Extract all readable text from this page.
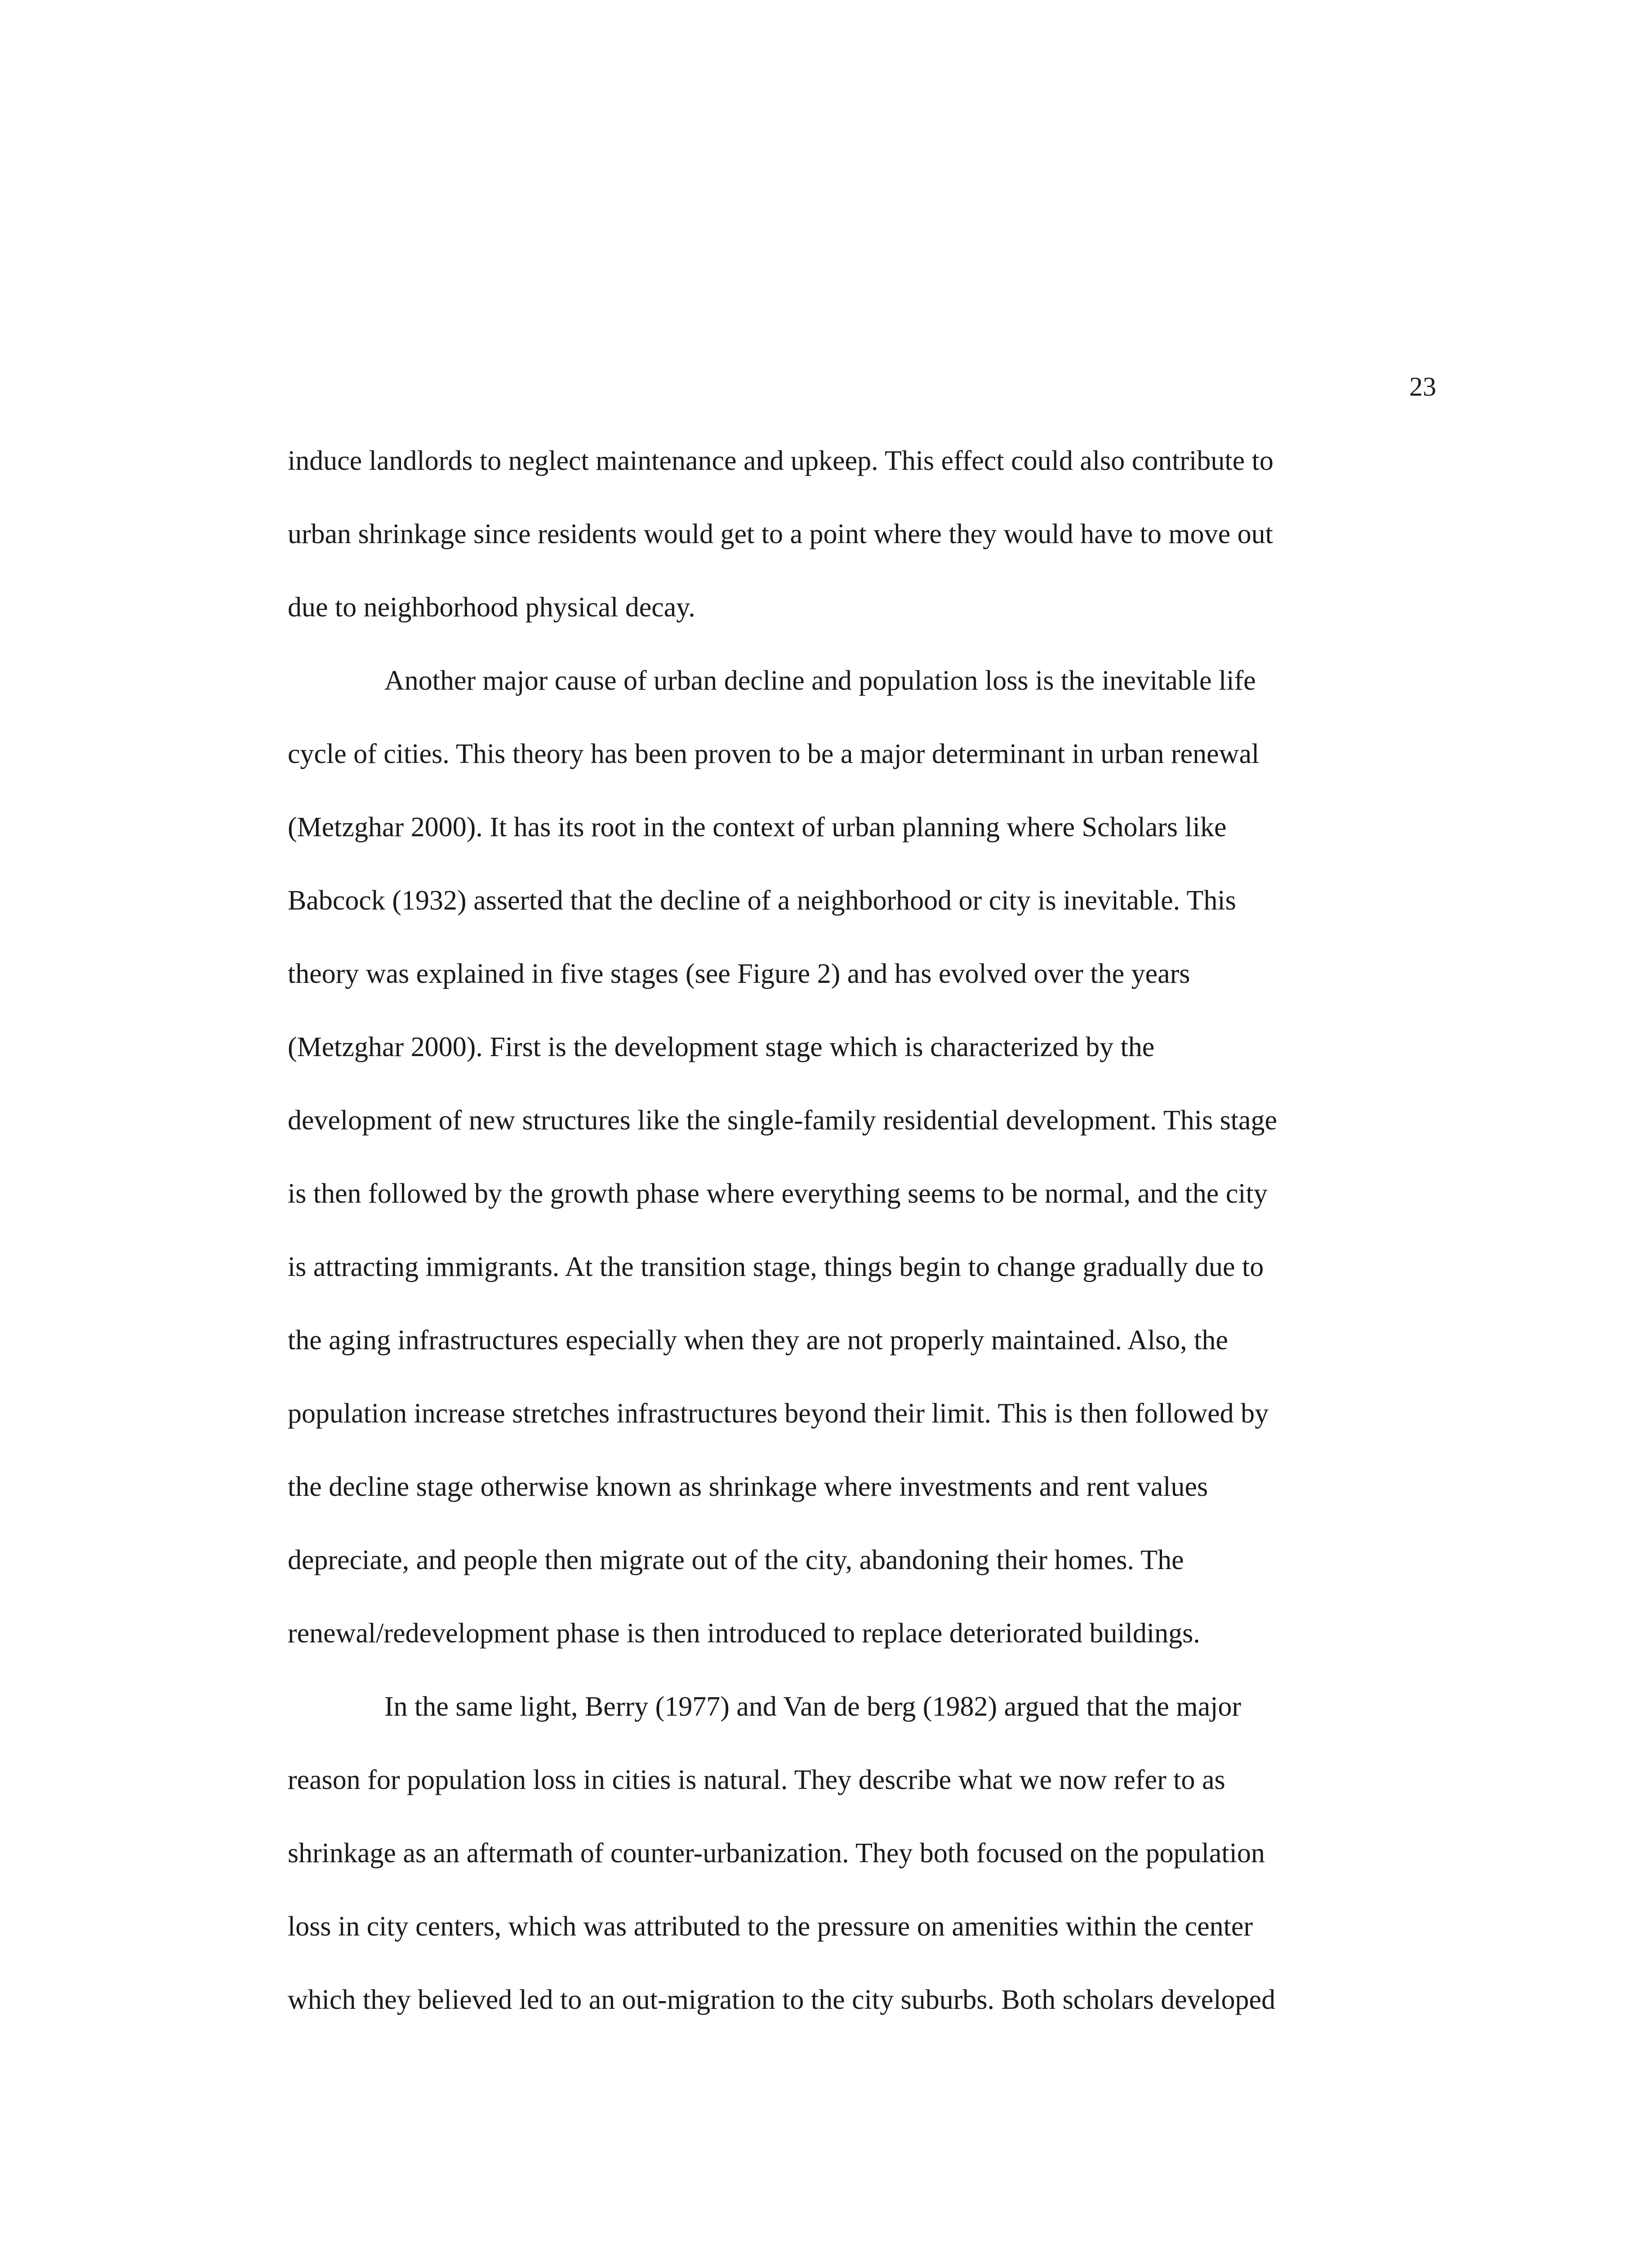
23
induce landlords to neglect maintenance and upkeep. This effect could also contribute to
urban shrinkage since residents would get to a point where they would have to move out
due to neighborhood physical decay.
Another major cause of urban decline and population loss is the inevitable life
cycle of cities. This theory has been proven to be a major determinant in urban renewal
(Metzghar 2000). It has its root in the context of urban planning where Scholars like
Babcock (1932) asserted that the decline of a neighborhood or city is inevitable. This
theory was explained in five stages (see Figure 2) and has evolved over the years
(Metzghar 2000). First is the development stage which is characterized by the
development of new structures like the single-family residential development. This stage
is then followed by the growth phase where everything seems to be normal, and the city
is attracting immigrants. At the transition stage, things begin to change gradually due to
the aging infrastructures especially when they are not properly maintained. Also, the
population increase stretches infrastructures beyond their limit. This is then followed by
the decline stage otherwise known as shrinkage where investments and rent values
depreciate, and people then migrate out of the city, abandoning their homes. The
renewal/redevelopment phase is then introduced to replace deteriorated buildings.
In the same light, Berry (1977) and Van de berg (1982) argued that the major
reason for population loss in cities is natural. They describe what we now refer to as
shrinkage as an aftermath of counter-urbanization. They both focused on the population
loss in city centers, which was attributed to the pressure on amenities within the center
which they believed led to an out-migration to the city suburbs. Both scholars developed
